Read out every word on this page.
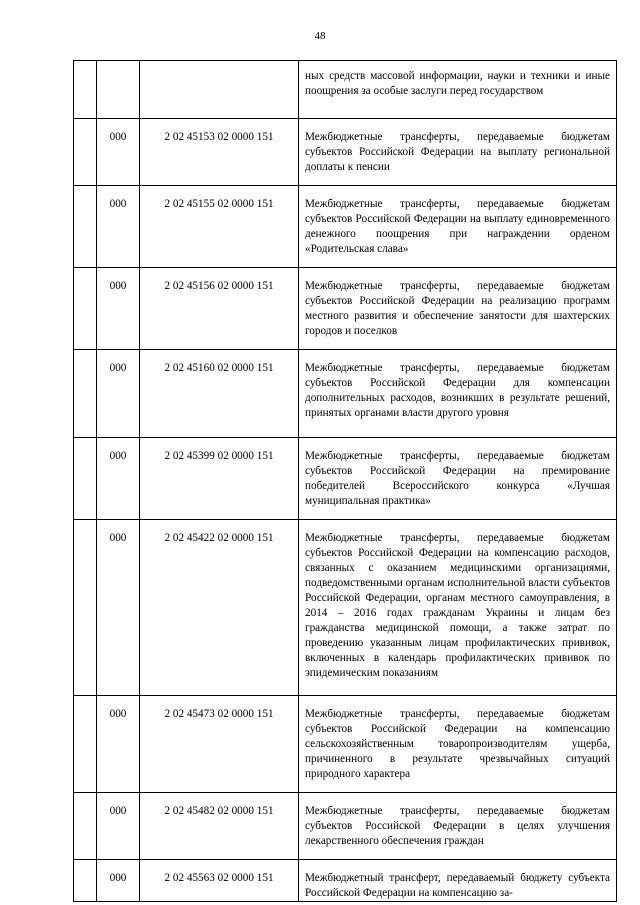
48
			ных средств массовой информации, науки и техники и иные поощрения за особые заслуги перед государством
	000	2 02 45153 02 0000 151	Межбюджетные трансферты, передаваемые бюджетам субъектов Российской Федерации на выплату региональной доплаты к пенсии
	000	2 02 45155 02 0000 151	Межбюджетные трансферты, передаваемые бюджетам субъектов Российской Федерации на выплату единовременного денежного поощрения при награждении орденом «Родительская слава»
	000	2 02 45156 02 0000 151	Межбюджетные трансферты, передаваемые бюджетам субъектов Российской Федерации на реализацию программ местного развития и обеспечение занятости для шахтерских городов и поселков
	000	2 02 45160 02 0000 151	Межбюджетные трансферты, передаваемые бюджетам субъектов Российской Федерации для компенсации дополнительных расходов, возникших в результате решений, принятых органами власти другого уровня
	000	2 02 45399 02 0000 151	Межбюджетные трансферты, передаваемые бюджетам субъектов Российской Федерации на премирование победителей Всероссийского конкурса «Лучшая муниципальная практика»
	000	2 02 45422 02 0000 151	Межбюджетные трансферты, передаваемые бюджетам субъектов Российской Федерации на компенсацию расходов, связанных с оказанием медицинскими организациями, подведомственными органам исполнительной власти субъектов Российской Федерации, органам местного самоуправления, в 2014 – 2016 годах гражданам Украины и лицам без гражданства медицинской помощи, а также затрат по проведению указанным лицам профилактических прививок, включенных в календарь профилактических прививок по эпидемическим показаниям
	000	2 02 45473 02 0000 151	Межбюджетные трансферты, передаваемые бюджетам субъектов Российской Федерации на компенсацию сельскохозяйственным товаропроизводителям ущерба, причиненного в результате чрезвычайных ситуаций природного характера
	000	2 02 45482 02 0000 151	Межбюджетные трансферты, передаваемые бюджетам субъектов Российской Федерации в целях улучшения лекарственного обеспечения граждан
	000	2 02 45563 02 0000 151	Межбюджетный трансферт, передаваемый бюджету субъекта Российской Федерации на компенсацию за-
